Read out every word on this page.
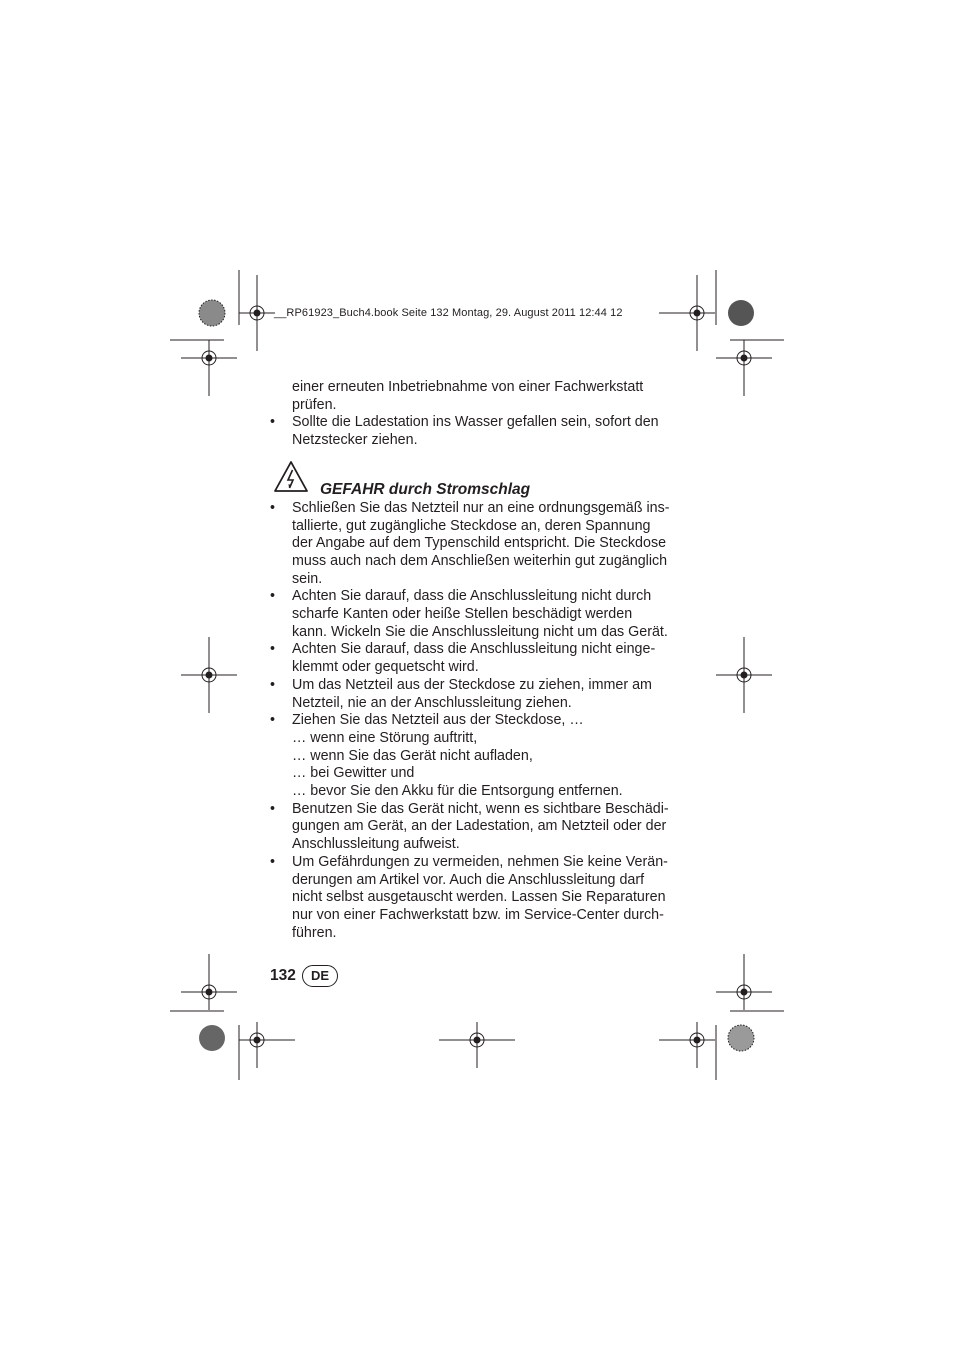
__RP61923_Buch4.book Seite 132 Montag, 29. August 2011 12:44 12

einer erneuten Inbetriebnahme von einer Fachwerkstatt

prüfen.

• Sollte die Ladestation ins Wasser gefallen sein, sofort den
Netzstecker ziehen.
GEFAHR durch Stromschlag
• Schließen Sie das Netzteil nur an eine ordnungsgemäß ins-
tallierte, gut zugängliche Steckdose an, deren Spannung
der Angabe auf dem Typenschild entspricht. Die Steckdose
muss auch nach dem Anschließen weiterhin gut zugänglich
sein.
• Achten Sie darauf, dass die Anschlussleitung nicht durch
scharfe Kanten oder heiße Stellen beschädigt werden
kann. Wickeln Sie die Anschlussleitung nicht um das Gerät.
• Achten Sie darauf, dass die Anschlussleitung nicht einge-
klemmt oder gequetscht wird.
• Um das Netzteil aus der Steckdose zu ziehen, immer am
Netzteil, nie an der Anschlussleitung ziehen.
• Ziehen Sie das Netzteil aus der Steckdose, …
… wenn eine Störung auftritt,
… wenn Sie das Gerät nicht aufladen,
… bei Gewitter und
… bevor Sie den Akku für die Entsorgung entfernen.
• Benutzen Sie das Gerät nicht, wenn es sichtbare Beschädi-
gungen am Gerät, an der Ladestation, am Netzteil oder der
Anschlussleitung aufweist.
• Um Gefährdungen zu vermeiden, nehmen Sie keine Verän-
derungen am Artikel vor. Auch die Anschlussleitung darf
nicht selbst ausgetauscht werden. Lassen Sie Reparaturen
nur von einer Fachwerkstatt bzw. im Service-Center durch-
führen.
132	DE
